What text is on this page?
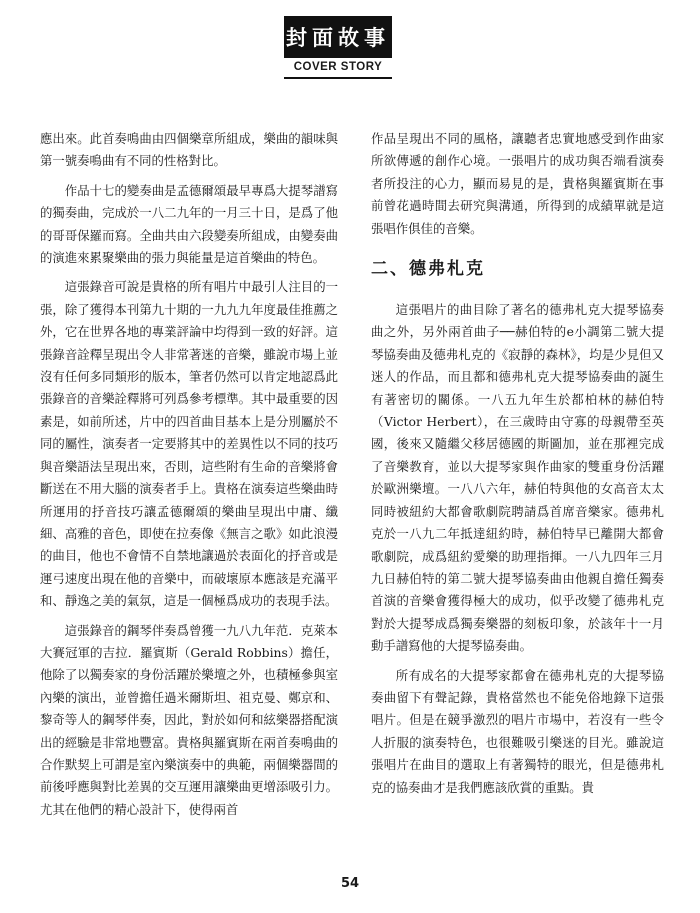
封面故事
COVER STORY

應出來。此首奏鳴曲由四個樂章所組成，樂曲的韻味與第一號奏鳴曲有不同的性格對比。

作品十七的變奏曲是孟德爾頌最早專爲大提琴譜寫的獨奏曲，完成於一八二九年的一月三十日，是爲了他的哥哥保羅而寫。全曲共由六段變奏所組成，由變奏曲的演進來累聚樂曲的張力與能量是這首樂曲的特色。

這張錄音可說是貴格的所有唱片中最引人注目的一張，除了獲得本刊第九十期的一九九九年度最佳推薦之外，它在世界各地的專業評論中均得到一致的好評。這張錄音詮釋呈現出令人非常著迷的音樂，雖說市場上並沒有任何多同類形的版本，筆者仍然可以肯定地認爲此張錄音的音樂詮釋將可列爲參考標準。其中最重要的因素是，如前所述，片中的四首曲目基本上是分別屬於不同的屬性，演奏者一定要將其中的差異性以不同的技巧與音樂語法呈現出來，否則，這些附有生命的音樂將會斷送在不用大腦的演奏者手上。貴格在演奏這些樂曲時所運用的抒音技巧讓孟德爾頌的樂曲呈現出中庸、纖細、高雅的音色，即使在拉奏像《無言之歌》如此浪漫的曲目，他也不會情不自禁地讓過於表面化的抒音或是運弓速度出現在他的音樂中，而破壞原本應該是充滿平和、靜逸之美的氣氛，這是一個極爲成功的表現手法。

這張錄音的鋼琴伴奏爲曾獲一九八九年范．克萊本大賽冠軍的吉拉．羅賓斯（Gerald Robbins）擔任，他除了以獨奏家的身份活躍於樂壇之外，也積極參與室內樂的演出，並曾擔任過米爾斯坦、祖克曼、鄭京和、黎奇等人的鋼琴伴奏，因此，對於如何和絃樂器搭配演出的經驗是非常地豐富。貴格與羅賓斯在兩首奏鳴曲的合作默契上可謂是室內樂演奏中的典範，兩個樂器間的前後呼應與對比差異的交互運用讓樂曲更增添吸引力。尤其在他們的精心設計下，使得兩首

作品呈現出不同的風格，讓聽者忠實地感受到作曲家所欲傳遞的創作心境。一張唱片的成功與否端看演奏者所投注的心力，顯而易見的是，貴格與羅賓斯在事前曾花過時間去研究與溝通，所得到的成績單就是這張唱作俱佳的音樂。

二、德弗札克

這張唱片的曲目除了著名的德弗札克大提琴協奏曲之外，另外兩首曲子──赫伯特的e小調第二號大提琴協奏曲及德弗札克的《寂靜的森林》，均是少見但又迷人的作品，而且都和德弗札克大提琴協奏曲的誕生有著密切的關係。一八五九年生於都柏林的赫伯特（Victor Herbert），在三歲時由守寡的母親帶至英國，後來又隨繼父移居德國的斯圖加，並在那裡完成了音樂教育，並以大提琴家與作曲家的雙重身份活躍於歐洲樂壇。一八八六年，赫伯特與他的女高音太太同時被紐約大都會歌劇院聘請爲首席音樂家。德弗札克於一八九二年抵達紐約時，赫伯特早已離開大都會歌劇院，成爲紐約愛樂的助理指揮。一八九四年三月九日赫伯特的第二號大提琴協奏曲由他親自擔任獨奏首演的音樂會獲得極大的成功，似乎改變了德弗札克對於大提琴成爲獨奏樂器的刻板印象，於該年十一月動手譜寫他的大提琴協奏曲。

所有成名的大提琴家都會在德弗札克的大提琴協奏曲留下有聲記錄，貴格當然也不能免俗地錄下這張唱片。但是在競爭激烈的唱片市場中，若沒有一些令人折服的演奏特色，也很難吸引樂迷的目光。雖說這張唱片在曲目的選取上有著獨特的眼光，但是德弗札克的協奏曲才是我們應該欣賞的重點。貴

54
